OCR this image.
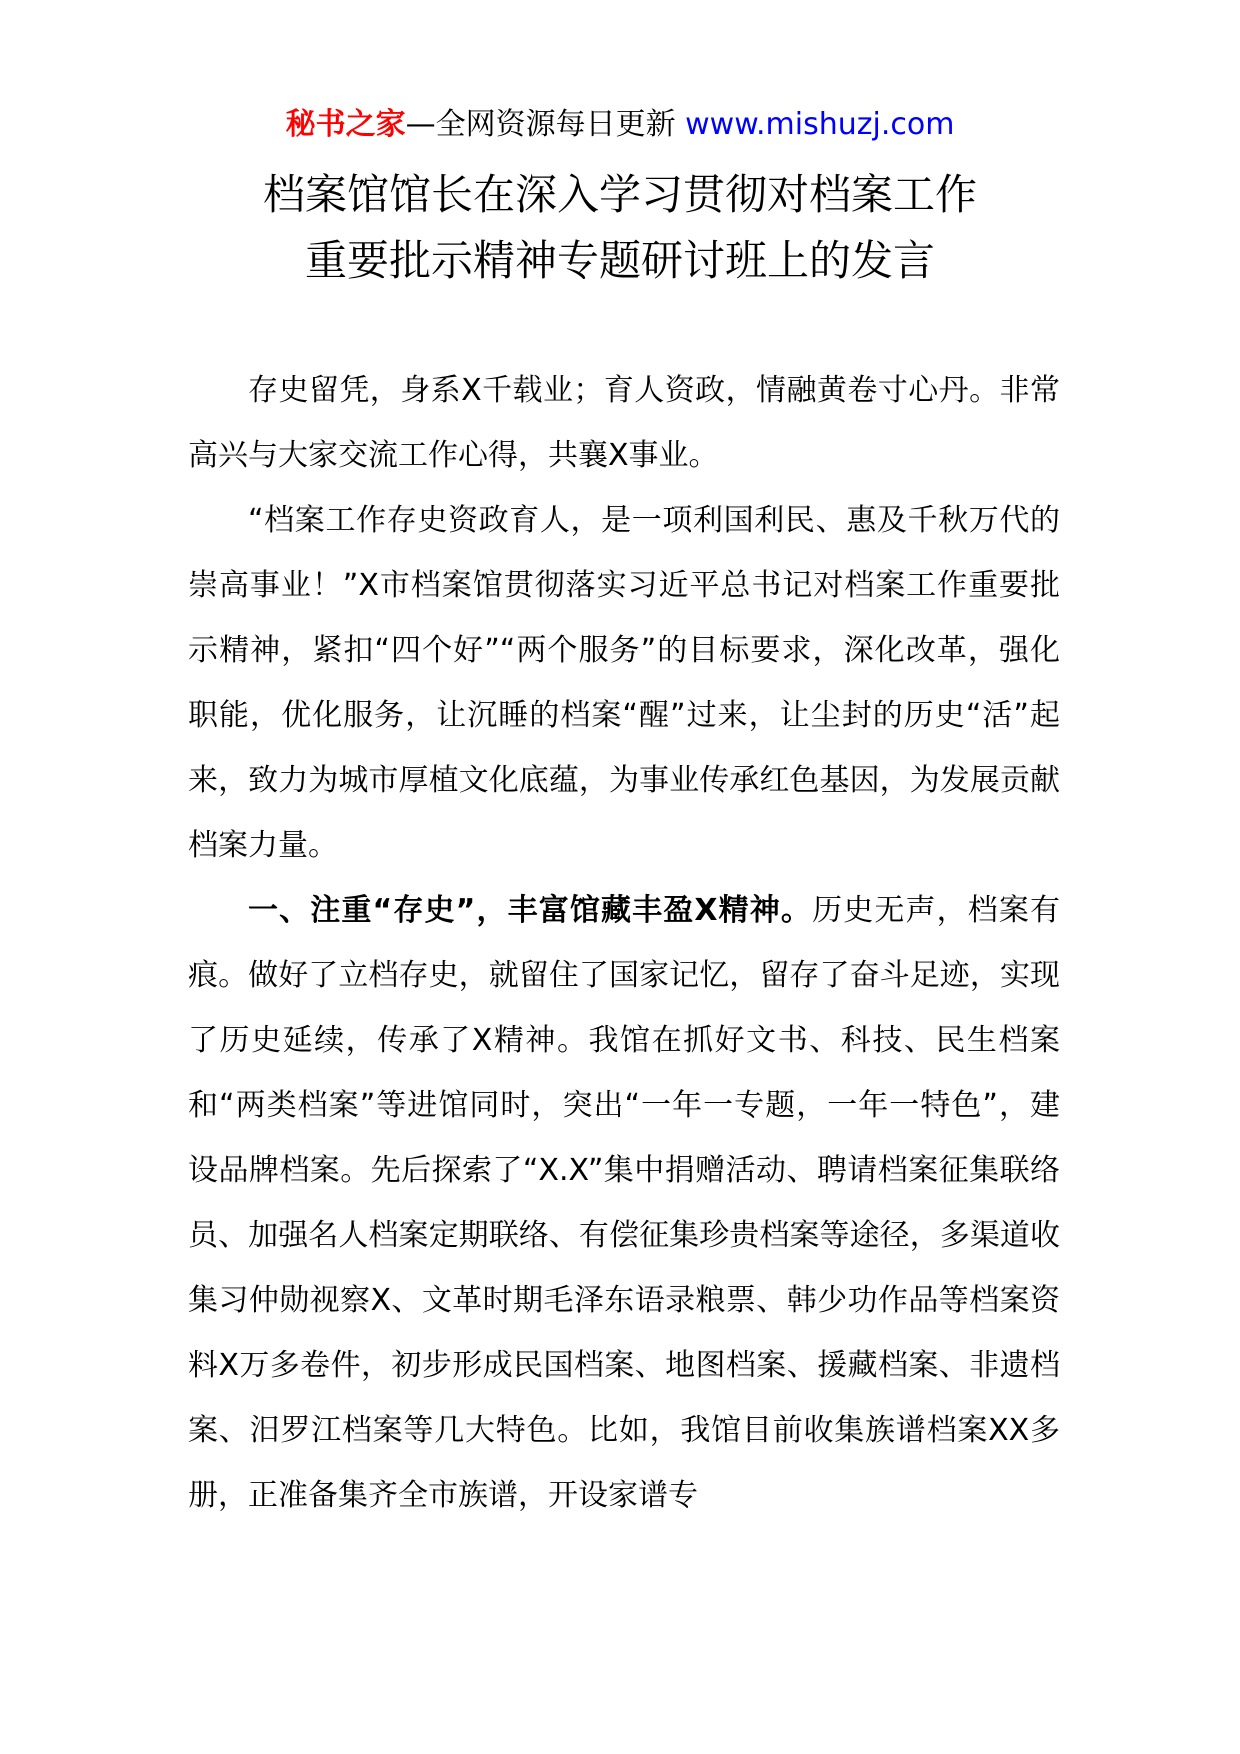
秘书之家—全网资源每日更新 www.mishuzj.com
档案馆馆长在深入学习贯彻对档案工作
重要批示精神专题研讨班上的发言

存史留凭，身系X千载业；育人资政，情融黄卷寸心丹。非常高兴与大家交流工作心得，共襄X事业。

“档案工作存史资政育人，是一项利国利民、惠及千秋万代的崇高事业！”X市档案馆贯彻落实习近平总书记对档案工作重要批示精神，紧扣“四个好”“两个服务”的目标要求，深化改革，强化职能，优化服务，让沉睡的档案“醒”过来，让尘封的历史“活”起来，致力为城市厚植文化底蕴，为事业传承红色基因，为发展贡献档案力量。

一、注重“存史”，丰富馆藏丰盈X精神。历史无声，档案有痕。做好了立档存史，就留住了国家记忆，留存了奋斗足迹，实现了历史延续，传承了X精神。我馆在抓好文书、科技、民生档案和“两类档案”等进馆同时，突出“一年一专题，一年一特色”，建设品牌档案。先后探索了“X.X”集中捐赠活动、聘请档案征集联络员、加强名人档案定期联络、有偿征集珍贵档案等途径，多渠道收集习仲勋视察X、文革时期毛泽东语录粮票、韩少功作品等档案资料X万多卷件，初步形成民国档案、地图档案、援藏档案、非遗档案、汨罗江档案等几大特色。比如，我馆目前收集族谱档案XX多册，正准备集齐全市族谱，开设家谱专
